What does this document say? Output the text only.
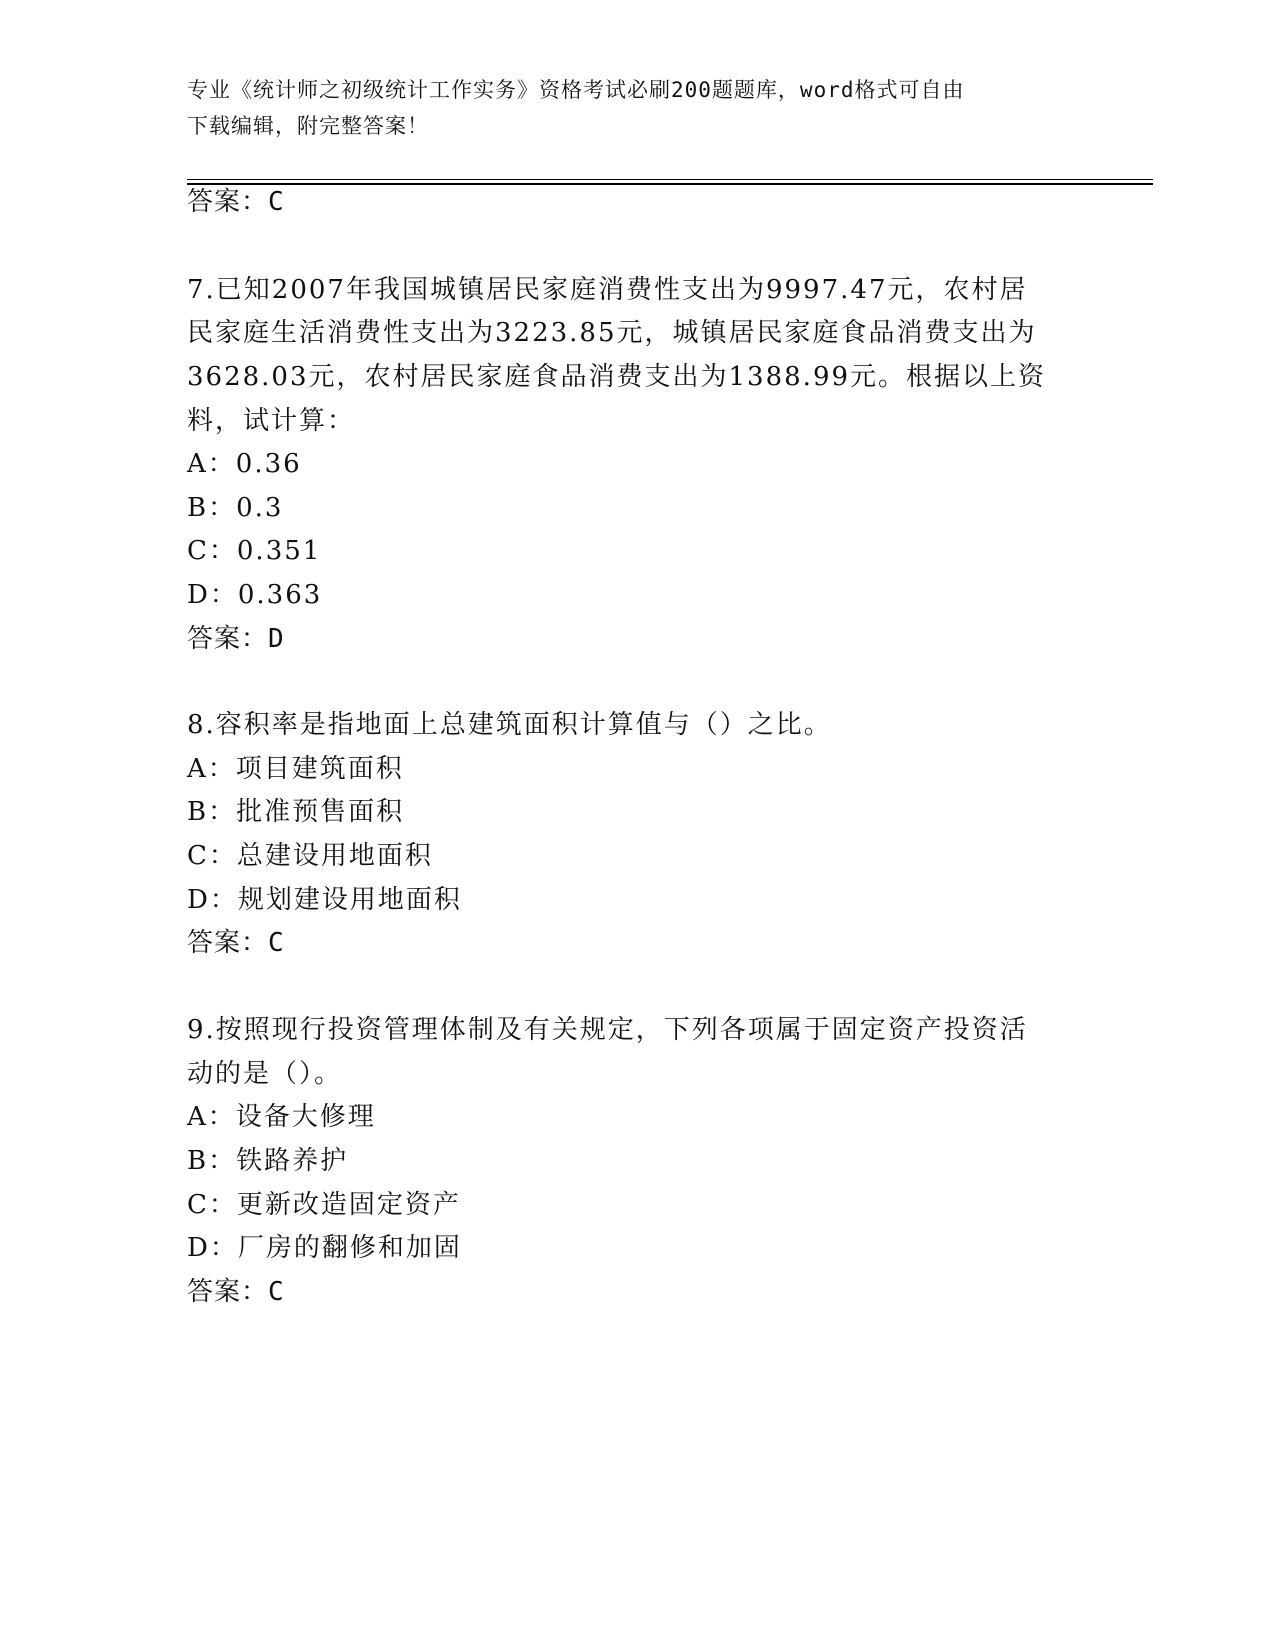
专业《统计师之初级统计工作实务》资格考试必刷200题题库，word格式可自由
下载编辑，附完整答案！
答案：C
7.已知2007年我国城镇居民家庭消费性支出为9997.47元，农村居
民家庭生活消费性支出为3223.85元，城镇居民家庭食品消费支出为
3628.03元，农村居民家庭食品消费支出为1388.99元。根据以上资
料，试计算：
A：0.36
B：0.3
C：0.351
D：0.363
答案：D
8.容积率是指地面上总建筑面积计算值与（）之比。
A：项目建筑面积
B：批准预售面积
C：总建设用地面积
D：规划建设用地面积
答案：C
9.按照现行投资管理体制及有关规定，下列各项属于固定资产投资活
动的是（）。
A：设备大修理
B：铁路养护
C：更新改造固定资产
D：厂房的翻修和加固
答案：C
